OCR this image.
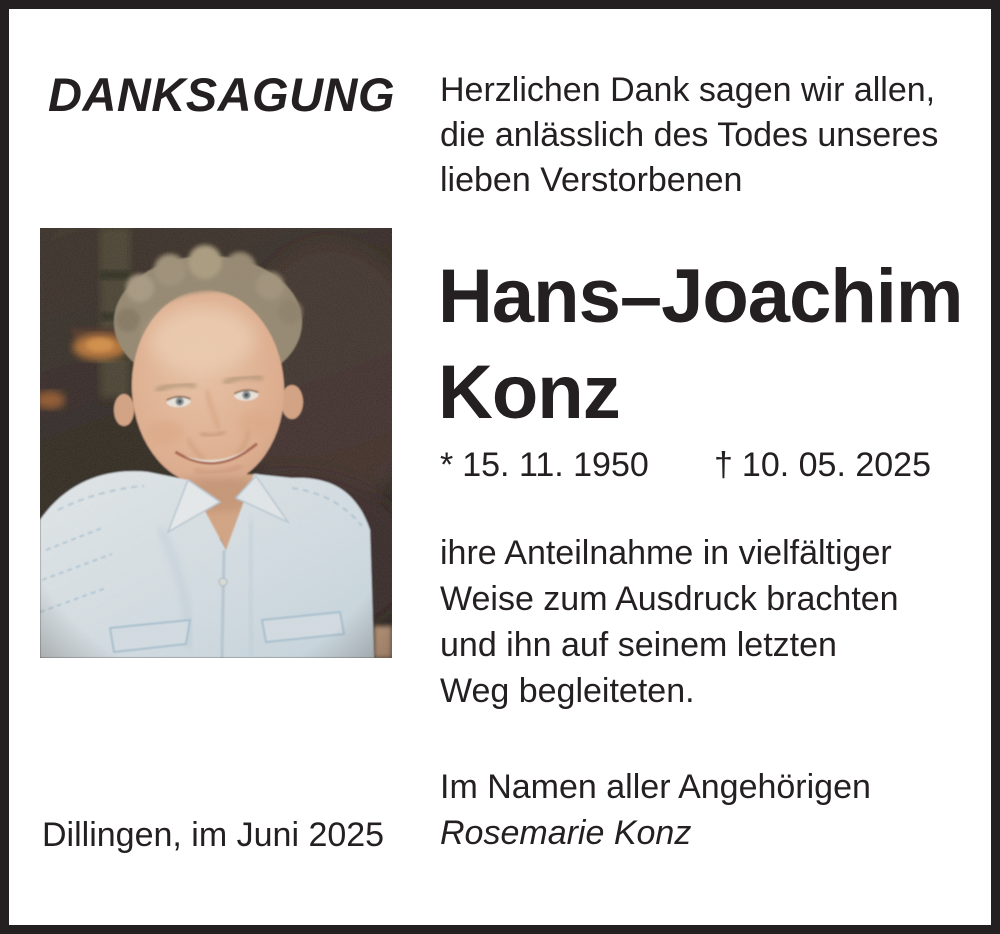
DANKSAGUNG Herzlichen Dank sagen wir allen,
die anlässlich des Todes unseres
lieben Verstorbenen
Hans–Joachim
Konz
* 15. 11. 1950 † 10. 05. 2025
ihre Anteilnahme in vielfältiger
Weise zum Ausdruck brachten
und ihn auf seinem letzten
Weg begleiteten.
Im Namen aller Angehörigen
Rosemarie Konz
Dillingen, im Juni 2025
